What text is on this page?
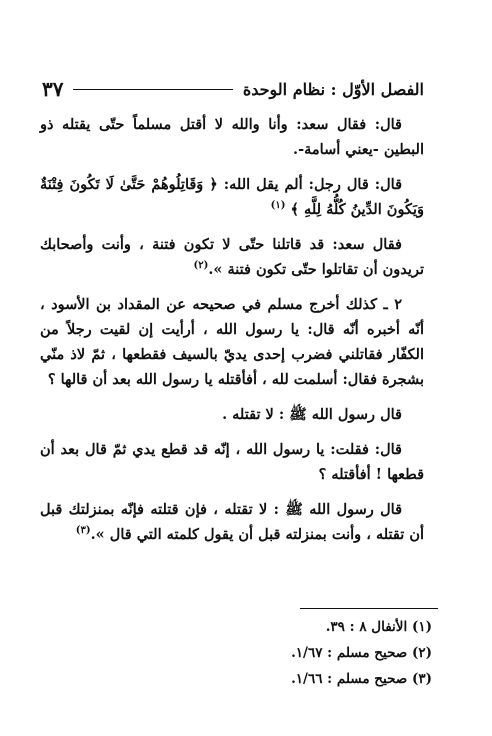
الفصل الأوّل : نظام الوحدة
٣٧

قال: فقال سعد: وأنا والله لا أقتل مسلماً حتّى يقتله ذو البطين -يعني أسامة-.

قال: قال رجل: ألم يقل الله: ﴿ وَقَاتِلُوهُمْ حَتَّىٰ لَا تَكُونَ فِتْنَةٌ وَيَكُونَ الدِّينُ كُلُّهُ لِلَّهِ ﴾ $^{(١)}$

فقال سعد: قد قاتلنا حتّى لا تكون فتنة ، وأنت وأصحابك تريدون أن تقاتلوا حتّى تكون فتنة ».$^{(٢)}$

٢ ـ كذلك أخرج مسلم في صحيحه عن المقداد بن الأسود ، أنّه أخبره أنّه قال: يا رسول الله ، أرأيت إن لقيت رجلاً من الكفّار فقاتلني فضرب إحدى يديّ بالسيف فقطعها ، ثمّ لاذ منّي بشجرة فقال: أسلمت لله ، أفأقتله يا رسول الله بعد أن قالها ؟

قال رسول الله ﷺ : لا تقتله .

قال: فقلت: يا رسول الله ، إنّه قد قطع يدي ثمّ قال بعد أن قطعها ! أفأقتله ؟

قال رسول الله ﷺ : لا تقتله ، فإن قتلته فإنّه بمنزلتك قبل أن تقتله ، وأنت بمنزلته قبل أن يقول كلمته التي قال ».$^{(٣)}$

(١) الأنفال ٨ : ٣٩.
(٢) صحيح مسلم : ١/٦٧.
(٣) صحيح مسلم : ١/٦٦.
